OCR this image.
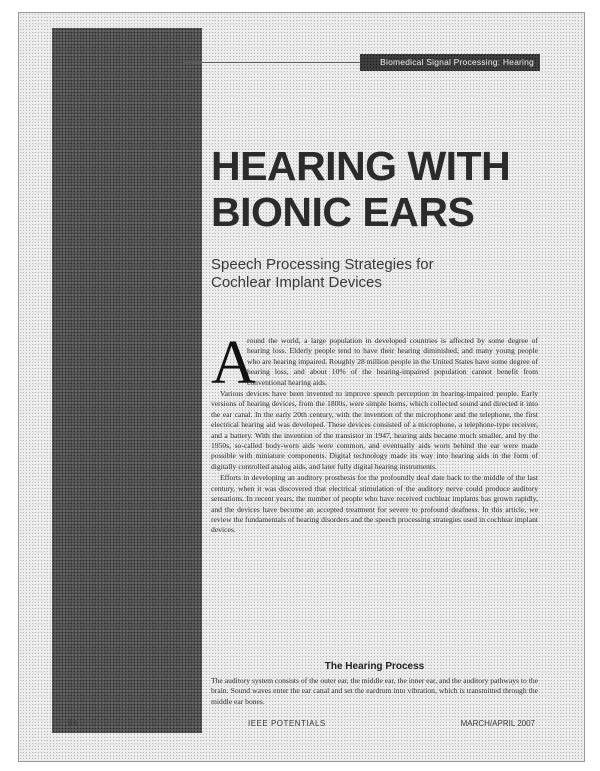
Biomedical Signal Processing: Hearing
HEARING WITH
BIONIC EARS
Speech Processing Strategies for Cochlear Implant Devices
A

round the world, a large population in developed countries is affected by some degree of hearing loss. Elderly people tend to have their hearing diminished, and many young people who are hearing impaired. Roughly 28 million people in the United States have some degree of hearing loss, and about 10% of the hearing-impaired population cannot benefit from conventional hearing aids.

Various devices have been invented to improve speech perception in hearing-impaired people. Early versions of hearing devices, from the 1800s, were simple horns, which collected sound and directed it into the ear canal. In the early 20th century, with the invention of the microphone and the telephone, the first electrical hearing aid was developed. These devices consisted of a microphone, a telephone-type receiver, and a battery. With the invention of the transistor in 1947, hearing aids became much smaller, and by the 1950s, so-called body-worn aids were common, and eventually aids worn behind the ear were made possible with miniature components. Digital technology made its way into hearing aids in the form of digitally controlled analog aids, and later fully digital hearing instruments.

Efforts in developing an auditory prosthesis for the profoundly deaf date back to the middle of the last century, when it was discovered that electrical stimulation of the auditory nerve could produce auditory sensations. In recent years, the number of people who have received cochlear implants has grown rapidly, and the devices have become an accepted treatment for severe to profound deafness. In this article, we review the fundamentals of hearing disorders and the speech processing strategies used in cochlear implant devices.

The Hearing Process
The auditory system consists of the outer ear, the middle ear, the inner ear, and the auditory pathways to the brain. Sound waves enter the ear canal and set the eardrum into vibration, which is transmitted through the middle ear bones.
46	IEEE POTENTIALS	MARCH/APRIL 2007
